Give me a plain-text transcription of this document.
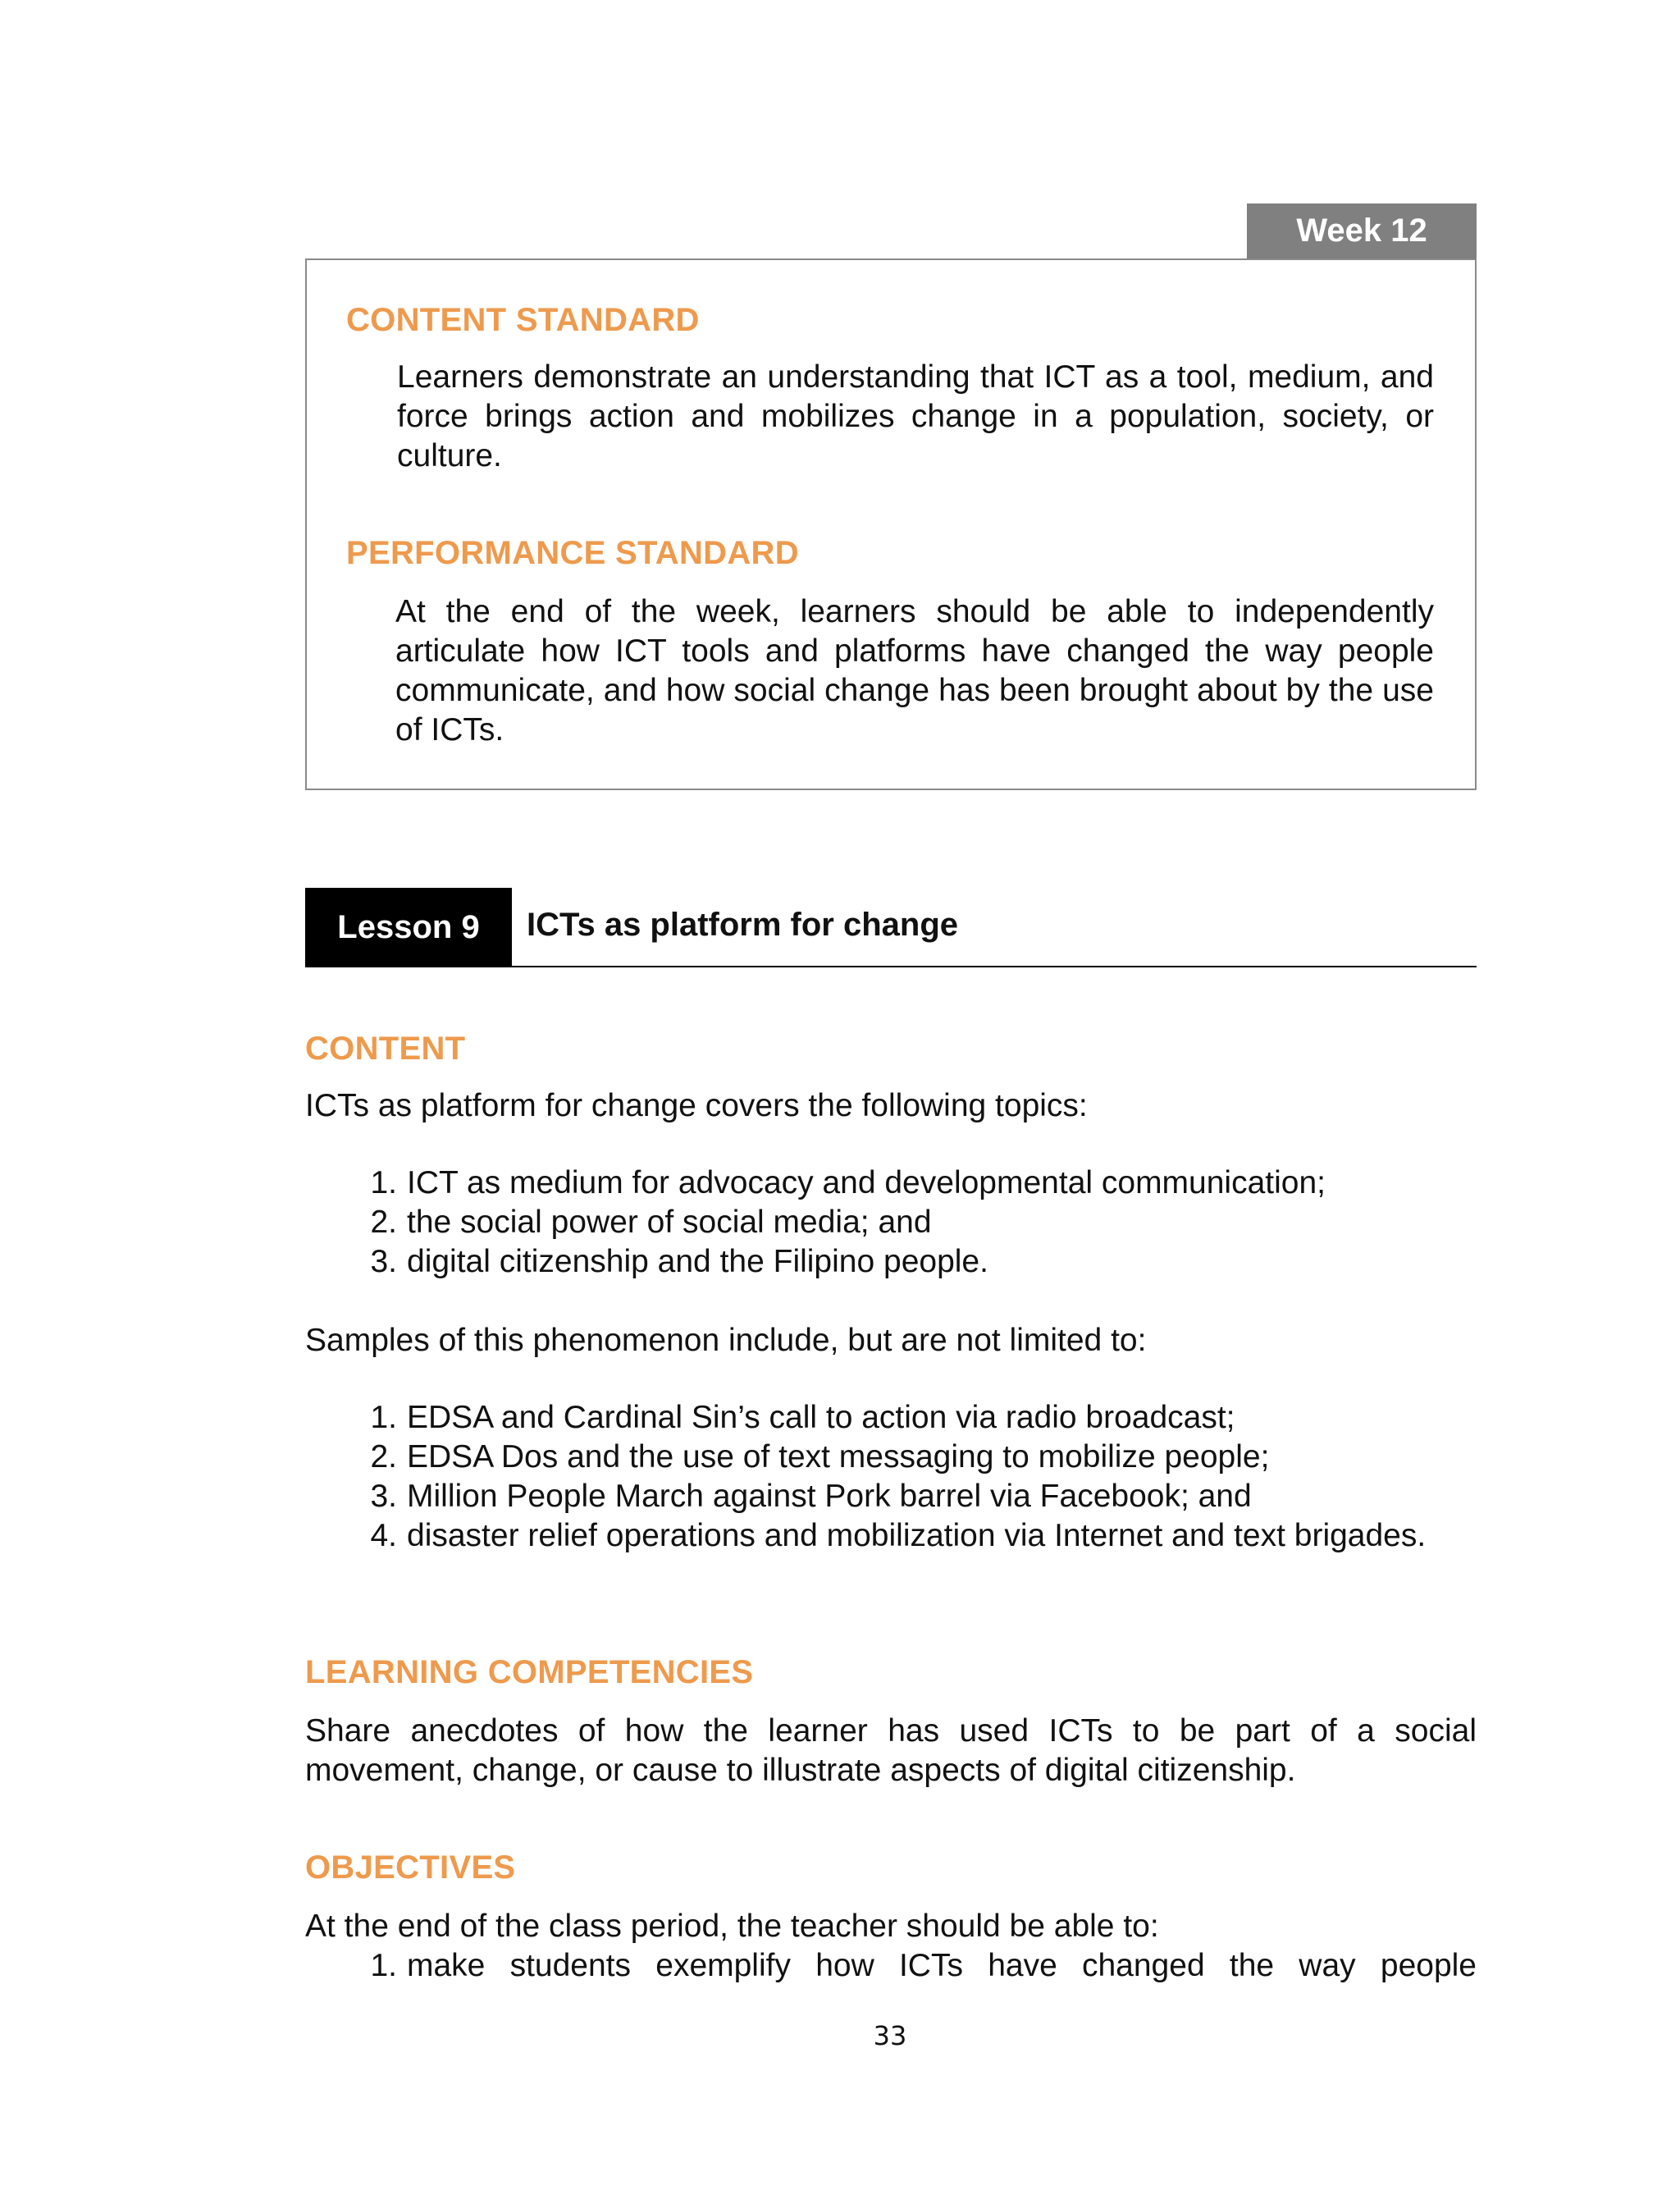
Week 12
CONTENT STANDARD
Learners demonstrate an understanding that ICT as a tool, medium, and force brings action and mobilizes change in a population, society, or culture.
PERFORMANCE STANDARD
At the end of the week, learners should be able to independently articulate how ICT tools and platforms have changed the way people communicate, and how social change has been brought about by the use of ICTs.
Lesson 9	ICTs as platform for change
CONTENT
ICTs as platform for change covers the following topics:
1. ICT as medium for advocacy and developmental communication;
2. the social power of social media; and
3. digital citizenship and the Filipino people.
Samples of this phenomenon include, but are not limited to:
1. EDSA and Cardinal Sin’s call to action via radio broadcast;
2. EDSA Dos and the use of text messaging to mobilize people;
3. Million People March against Pork barrel via Facebook; and
4. disaster relief operations and mobilization via Internet and text brigades.
LEARNING COMPETENCIES
Share anecdotes of how the learner has used ICTs to be part of a social movement, change, or cause to illustrate aspects of digital citizenship.
OBJECTIVES
At the end of the class period, the teacher should be able to:
1. make students exemplify how ICTs have changed the way people
33
